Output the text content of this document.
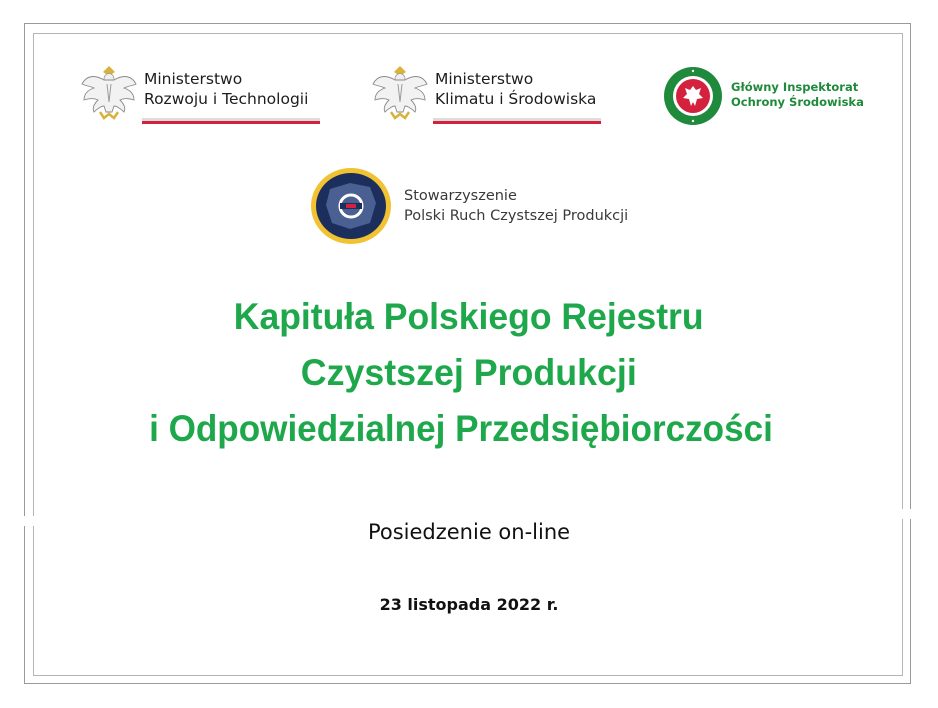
Ministerstwo
Rozwoju i Technologii
Ministerstwo
Klimatu i Środowiska
Główny Inspektorat
Ochrony Środowiska
Stowarzyszenie
Polski Ruch Czystszej Produkcji
Kapituła Polskiego Rejestru
Czystszej Produkcji
i Odpowiedzialnej Przedsiębiorczości
Posiedzenie on-line
23 listopada 2022 r.
